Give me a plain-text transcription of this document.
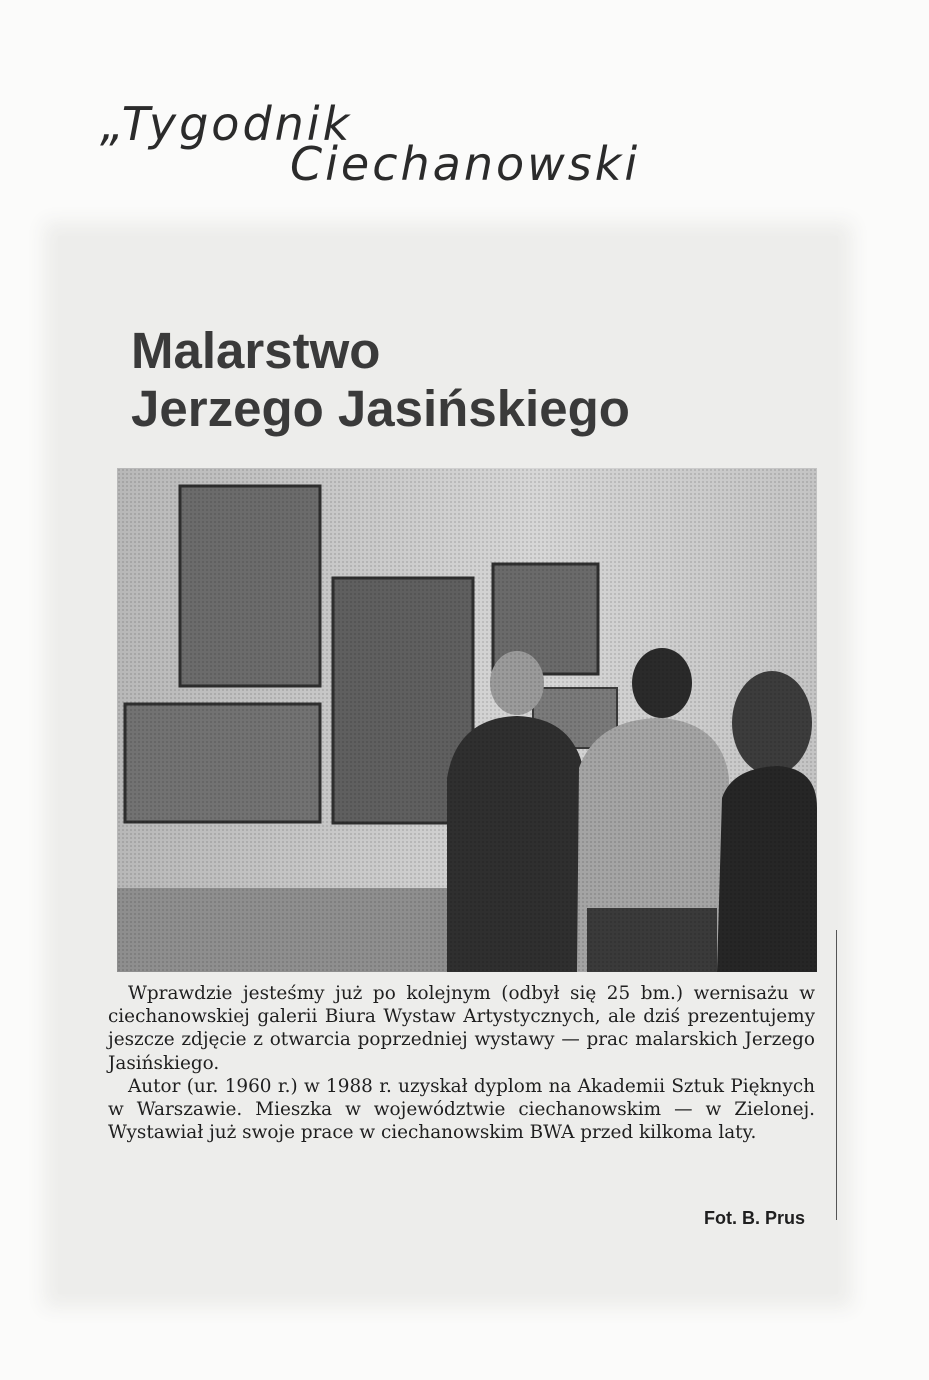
„Tygodnik
Ciechanowski”
Malarstwo
Jerzego Jasińskiego

Wprawdzie jesteśmy już po kolejnym (odbył się 25 bm.) wernisażu w ciechanowskiej galerii Biura Wystaw Artystycznych, ale dziś prezentujemy jeszcze zdjęcie z otwarcia poprzedniej wystawy — prac malarskich Jerzego Jasińskiego.

Autor (ur. 1960 r.) w 1988 r. uzyskał dyplom na Akademii Sztuk Pięknych w Warszawie. Mieszka w województwie ciechanowskim — w Zielonej. Wystawiał już swoje prace w ciechanowskim BWA przed kilkoma laty.

Fot. B. Prus
